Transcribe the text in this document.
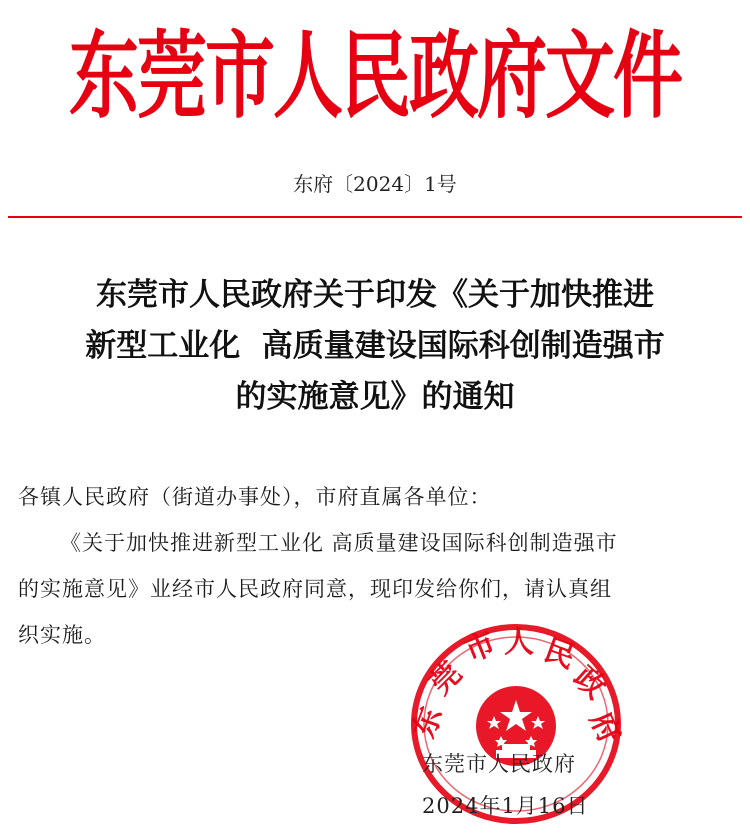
东莞市人民政府文件
东府〔2024〕1号
东莞市人民政府关于印发《关于加快推进
新型工业化  高质量建设国际科创制造强市
的实施意见》的通知
各镇人民政府（街道办事处），市府直属各单位：
《关于加快推进新型工业化 高质量建设国际科创制造强市
的实施意见》业经市人民政府同意，现印发给你们，请认真组
织实施。
东
莞
市 人 民
政
府
东莞市人民政府
2024年1月16日
